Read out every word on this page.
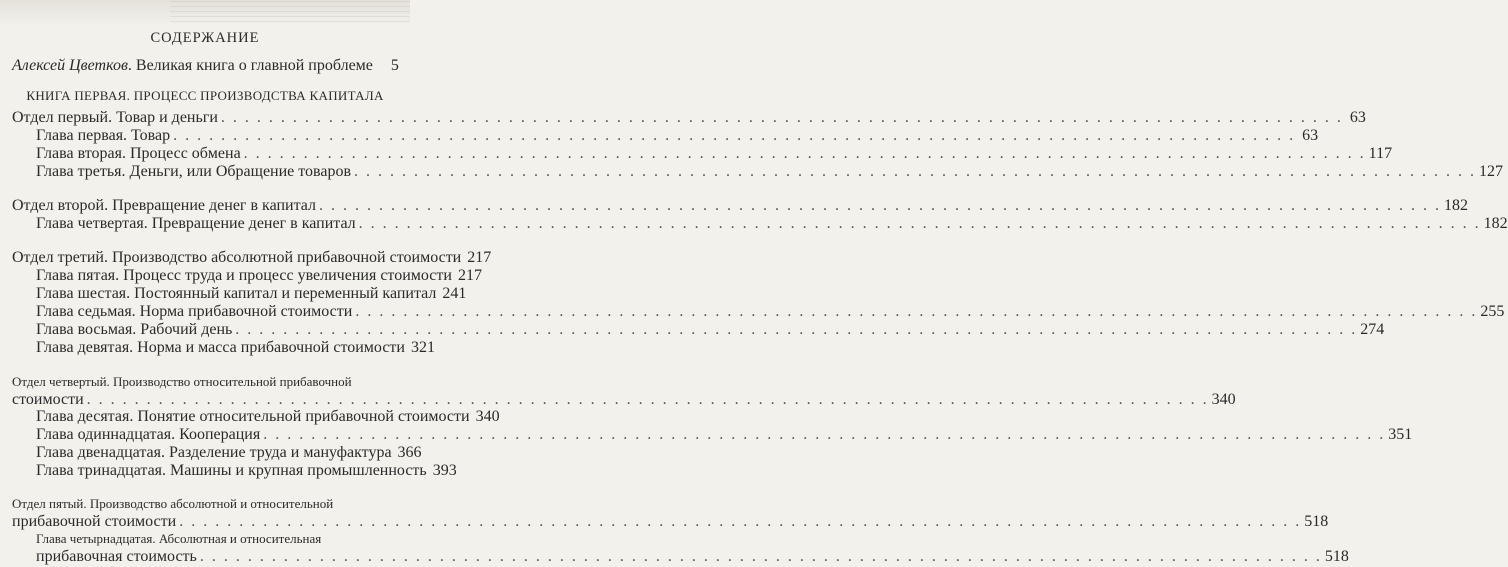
СОДЕРЖАНИЕ
Алексей Цветков. Великая книга о главной проблеме	5
КНИГА ПЕРВАЯ. ПРОЦЕСС ПРОИЗВОДСТВА КАПИТАЛА
Отдел первый. Товар и деньги . . .	63
Глава первая. Товар . . .	63
Глава вторая. Процесс обмена . . .	117
Глава третья. Деньги, или Обращение товаров . . .	127
Отдел второй. Превращение денег в капитал . . .	182
Глава четвертая. Превращение денег в капитал . . .	182
Отдел третий. Производство абсолютной прибавочной стоимости 217
Глава пятая. Процесс труда и процесс увеличения стоимости 217
Глава шестая. Постоянный капитал и переменный капитал 241
Глава седьмая. Норма прибавочной стоимости . . .	255
Глава восьмая. Рабочий день . . .	274
Глава девятая. Норма и масса прибавочной стоимости 321
Отдел четвертый. Производство относительной прибавочной
стоимости . . .	340
Глава десятая. Понятие относительной прибавочной стоимости 340
Глава одиннадцатая. Кооперация . . .	351
Глава двенадцатая. Разделение труда и мануфактура 366
Глава тринадцатая. Машины и крупная промышленность 393
Отдел пятый. Производство абсолютной и относительной
прибавочной стоимости . . .	518
Глава четырнадцатая. Абсолютная и относительная
прибавочная стоимость . . .	518
